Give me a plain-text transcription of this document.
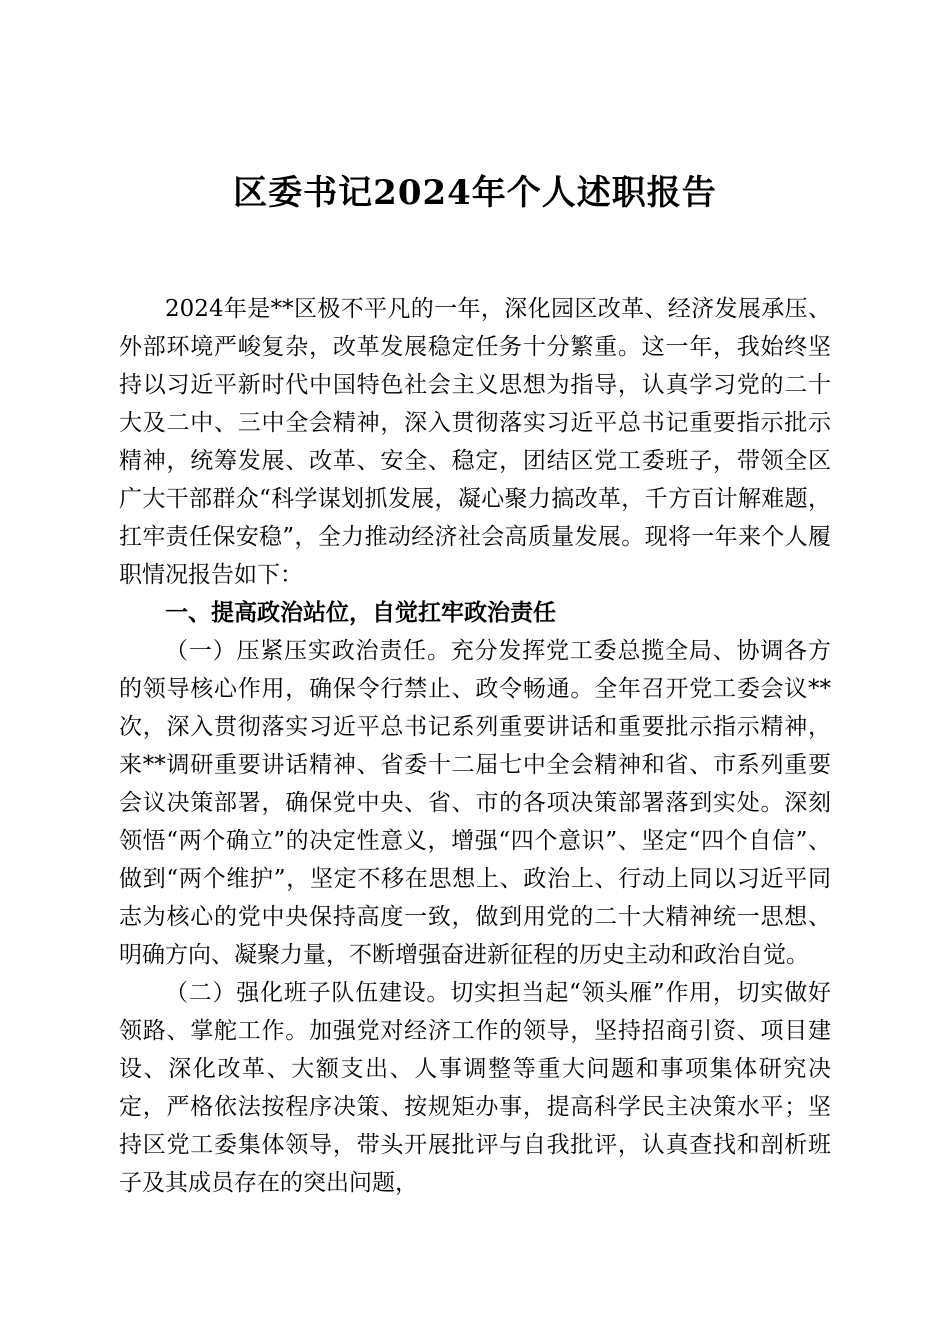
区委书记2024年个人述职报告

2024年是**区极不平凡的一年，深化园区改革、经济发展承压、外部环境严峻复杂，改革发展稳定任务十分繁重。这一年，我始终坚持以习近平新时代中国特色社会主义思想为指导，认真学习党的二十大及二中、三中全会精神，深入贯彻落实习近平总书记重要指示批示精神，统筹发展、改革、安全、稳定，团结区党工委班子，带领全区广大干部群众“科学谋划抓发展，凝心聚力搞改革，千方百计解难题，扛牢责任保安稳”，全力推动经济社会高质量发展。现将一年来个人履职情况报告如下：

一、提高政治站位，自觉扛牢政治责任

（一）压紧压实政治责任。充分发挥党工委总揽全局、协调各方的领导核心作用，确保令行禁止、政令畅通。全年召开党工委会议**次，深入贯彻落实习近平总书记系列重要讲话和重要批示指示精神，来**调研重要讲话精神、省委十二届七中全会精神和省、市系列重要会议决策部署，确保党中央、省、市的各项决策部署落到实处。深刻领悟“两个确立”的决定性意义，增强“四个意识”、坚定“四个自信”、做到“两个维护”，坚定不移在思想上、政治上、行动上同以习近平同志为核心的党中央保持高度一致，做到用党的二十大精神统一思想、明确方向、凝聚力量，不断增强奋进新征程的历史主动和政治自觉。

（二）强化班子队伍建设。切实担当起“领头雁”作用，切实做好领路、掌舵工作。加强党对经济工作的领导，坚持招商引资、项目建设、深化改革、大额支出、人事调整等重大问题和事项集体研究决定，严格依法按程序决策、按规矩办事，提高科学民主决策水平；坚持区党工委集体领导，带头开展批评与自我批评，认真查找和剖析班子及其成员存在的突出问题，
